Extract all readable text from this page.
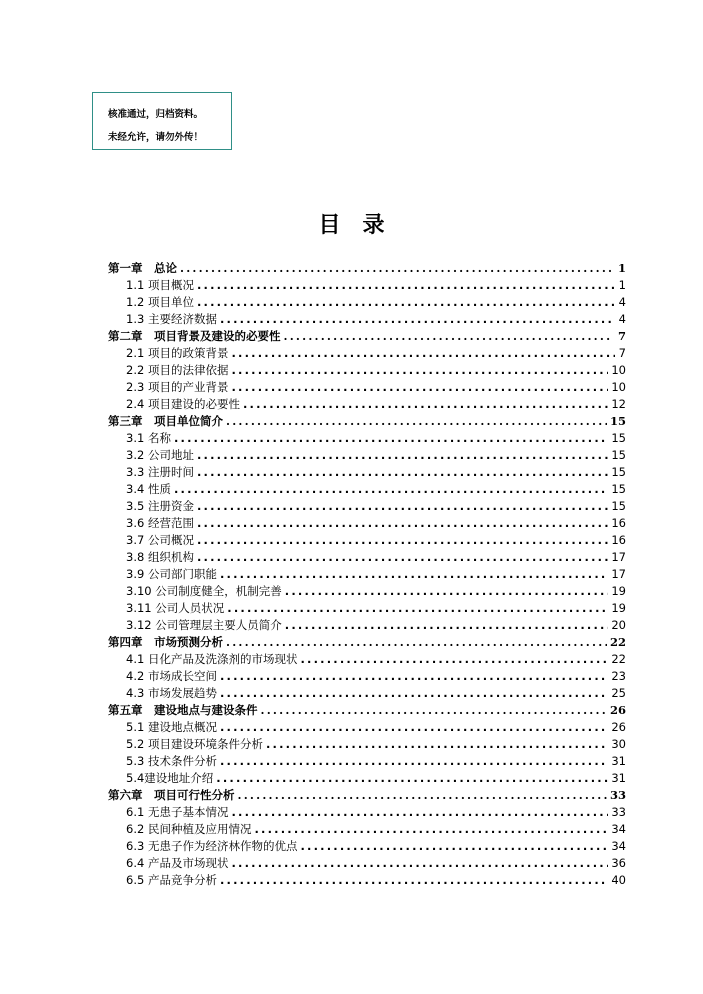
核准通过，归档资料。
未经允许，请勿外传！
目录
第一章　总论 .....	1
1.1 项目概况 .....	1
1.2 项目单位 .....	4
1.3 主要经济数据 .....	4
第二章　项目背景及建设的必要性 .....	7
2.1 项目的政策背景 .....	7
2.2 项目的法律依据 .....	10
2.3 项目的产业背景 .....	10
2.4 项目建设的必要性 .....	12
第三章　项目单位简介 .....	15
3.1 名称 .....	15
3.2 公司地址 .....	15
3.3 注册时间 .....	15
3.4 性质 .....	15
3.5 注册资金 .....	15
3.6 经营范围 .....	16
3.7 公司概况 .....	16
3.8 组织机构 .....	17
3.9 公司部门职能 .....	17
3.10 公司制度健全，机制完善 .....	19
3.11 公司人员状况 .....	19
3.12 公司管理层主要人员简介 .....	20
第四章　市场预测分析 .....	22
4.1 日化产品及洗涤剂的市场现状 .....	22
4.2 市场成长空间 .....	23
4.3 市场发展趋势 .....	25
第五章　建设地点与建设条件 .....	26
5.1 建设地点概况 .....	26
5.2 项目建设环境条件分析 .....	30
5.3 技术条件分析 .....	31
5.4建设地址介绍 .....	31
第六章　项目可行性分析 .....	33
6.1 无患子基本情况 .....	33
6.2 民间种植及应用情况 .....	34
6.3 无患子作为经济林作物的优点 .....	34
6.4 产品及市场现状 .....	36
6.5 产品竞争分析 .....	40
